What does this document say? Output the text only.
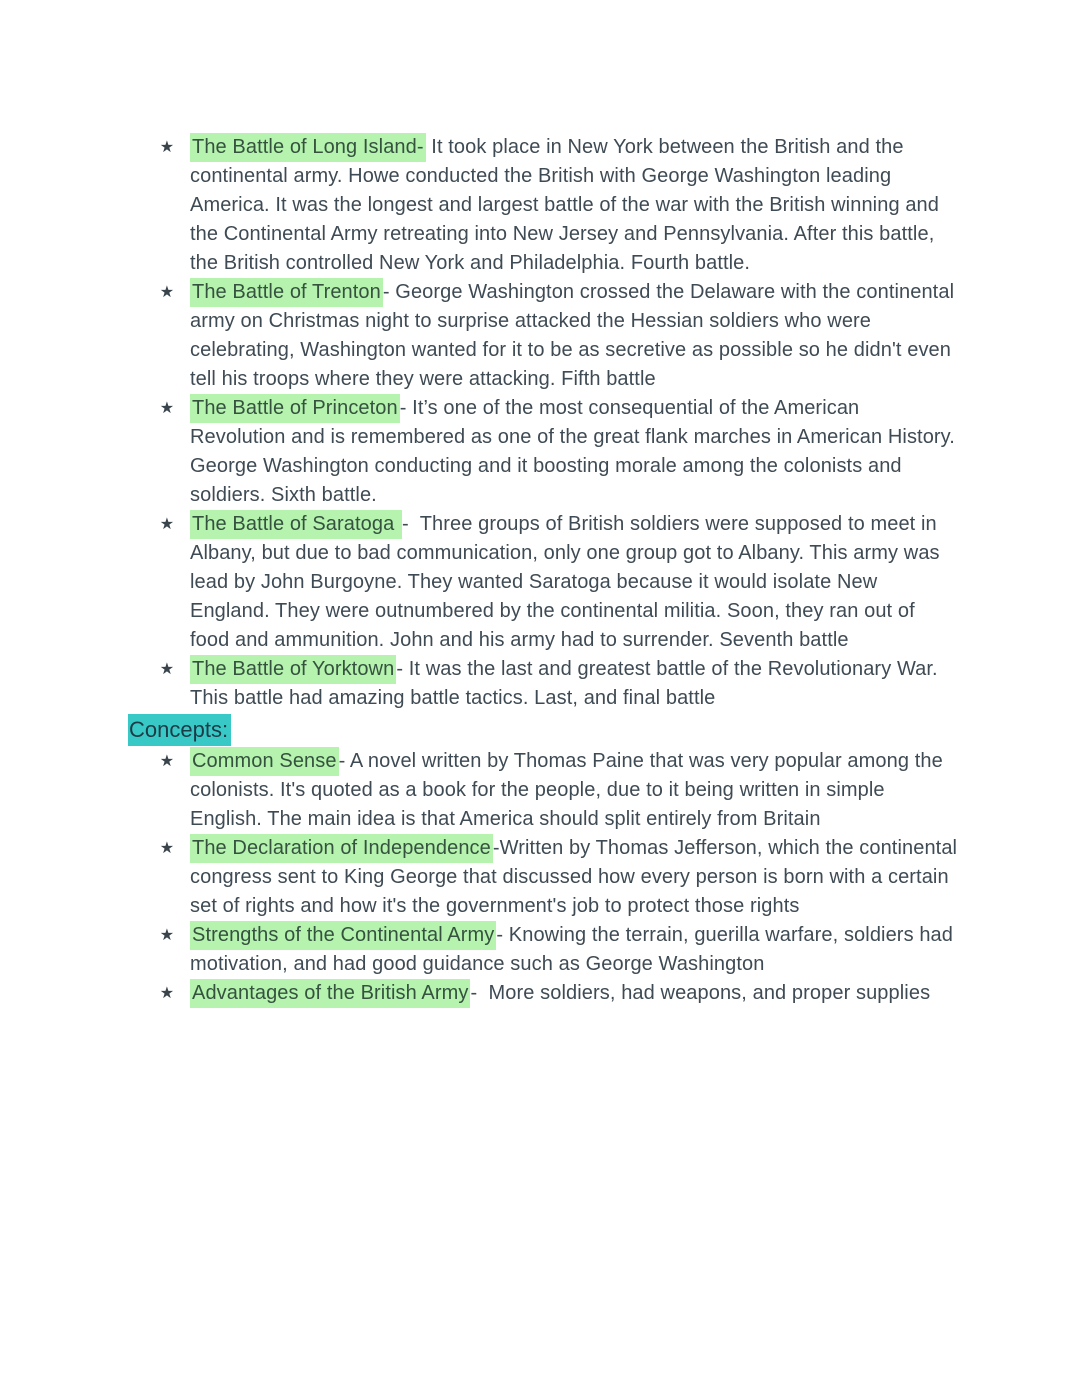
★ The Battle of Long Island- It took place in New York between the British and the continental army. Howe conducted the British with George Washington leading America. It was the longest and largest battle of the war with the British winning and the Continental Army retreating into New Jersey and Pennsylvania. After this battle, the British controlled New York and Philadelphia. Fourth battle.
★ The Battle of Trenton - George Washington crossed the Delaware with the continental army on Christmas night to surprise attacked the Hessian soldiers who were celebrating, Washington wanted for it to be as secretive as possible so he didn't even tell his troops where they were attacking. Fifth battle
★ The Battle of Princeton - It’s one of the most consequential of the American Revolution and is remembered as one of the great flank marches in American History. George Washington conducting and it boosting morale among the colonists and soldiers. Sixth battle.
★ The Battle of Saratoga -  Three groups of British soldiers were supposed to meet in Albany, but due to bad communication, only one group got to Albany. This army was lead by John Burgoyne. They wanted Saratoga because it would isolate New England. They were outnumbered by the continental militia. Soon, they ran out of food and ammunition. John and his army had to surrender. Seventh battle
★ The Battle of Yorktown - It was the last and greatest battle of the Revolutionary War. This battle had amazing battle tactics. Last, and final battle
Concepts:
★ Common Sense - A novel written by Thomas Paine that was very popular among the colonists. It's quoted as a book for the people, due to it being written in simple English. The main idea is that America should split entirely from Britain
★ The Declaration of Independence -Written by Thomas Jefferson, which the continental congress sent to King George that discussed how every person is born with a certain set of rights and how it's the government's job to protect those rights
★ Strengths of the Continental Army - Knowing the terrain, guerilla warfare, soldiers had motivation, and had good guidance such as George Washington
★ Advantages of the British Army -  More soldiers, had weapons, and proper supplies
